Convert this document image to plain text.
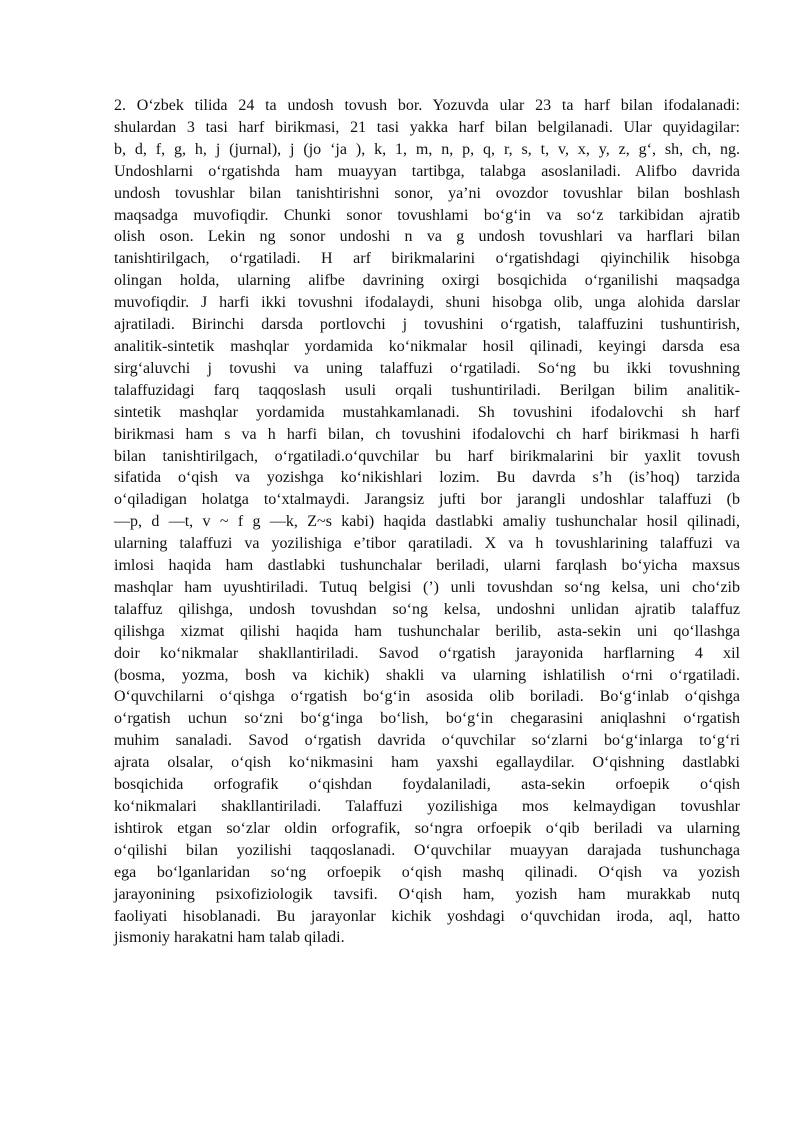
2. O‘zbek tilida 24 ta undosh tovush bor. Yozuvda ular 23 ta harf bilan ifodalanadi:
shulardan 3 tasi harf birikmasi, 21 tasi yakka harf bilan belgilanadi. Ular quyidagilar:
b, d, f, g, h, j (jurnal), j (jo ‘ja ), k, 1, m, n, p, q, r, s, t, v, x, y, z, g‘, sh, ch, ng.
Undoshlarni o‘rgatishda ham muayyan tartibga, talabga asoslaniladi. Alifbo davrida
undosh tovushlar bilan tanishtirishni sonor, ya’ni ovozdor tovushlar bilan boshlash
maqsadga muvofiqdir. Chunki sonor tovushlami bo‘g‘in va so‘z tarkibidan ajratib
olish oson. Lekin ng sonor undoshi n va g undosh tovushlari va harflari bilan
tanishtirilgach, o‘rgatiladi. H arf birikmalarini o‘rgatishdagi qiyinchilik hisobga
olingan holda, ularning alifbe davrining oxirgi bosqichida o‘rganilishi maqsadga
muvofiqdir. J harfi ikki tovushni ifodalaydi, shuni hisobga olib, unga alohida darslar
ajratiladi. Birinchi darsda portlovchi j tovushini o‘rgatish, talaffuzini tushuntirish,
analitik-sintetik mashqlar yordamida ko‘nikmalar hosil qilinadi, keyingi darsda esa
sirg‘aluvchi j tovushi va uning talaffuzi o‘rgatiladi. So‘ng bu ikki tovushning
talaffuzidagi farq taqqoslash usuli orqali tushuntiriladi. Berilgan bilim analitik-
sintetik mashqlar yordamida mustahkamlanadi. Sh tovushini ifodalovchi sh harf
birikmasi ham s va h harfi bilan, ch tovushini ifodalovchi ch harf birikmasi h harfi
bilan tanishtirilgach, o‘rgatiladi.o‘quvchilar bu harf birikmalarini bir yaxlit tovush
sifatida o‘qish va yozishga ko‘nikishlari lozim. Bu davrda s’h (is’hoq) tarzida
o‘qiladigan holatga to‘xtalmaydi. Jarangsiz jufti bor jarangli undoshlar talaffuzi (b
—p, d —t, v ~ f g —k, Z~s kabi) haqida dastlabki amaliy tushunchalar hosil qilinadi,
ularning talaffuzi va yozilishiga e’tibor qaratiladi. X va h tovushlarining talaffuzi va
imlosi haqida ham dastlabki tushunchalar beriladi, ularni farqlash bo‘yicha maxsus
mashqlar ham uyushtiriladi. Tutuq belgisi (’) unli tovushdan so‘ng kelsa, uni cho‘zib
talaffuz qilishga, undosh tovushdan so‘ng kelsa, undoshni unlidan ajratib talaffuz
qilishga xizmat qilishi haqida ham tushunchalar berilib, asta-sekin uni qo‘llashga
doir ko‘nikmalar shakllantiriladi. Savod o‘rgatish jarayonida harflarning 4 xil
(bosma, yozma, bosh va kichik) shakli va ularning ishlatilish o‘rni o‘rgatiladi.
O‘quvchilarni o‘qishga o‘rgatish bo‘g‘in asosida olib boriladi. Bo‘g‘inlab o‘qishga
o‘rgatish uchun so‘zni bo‘g‘inga bo‘lish, bo‘g‘in chegarasini aniqlashni o‘rgatish
muhim sanaladi. Savod o‘rgatish davrida o‘quvchilar so‘zlarni bo‘g‘inlarga to‘g‘ri
ajrata olsalar, o‘qish ko‘nikmasini ham yaxshi egallaydilar. O‘qishning dastlabki
bosqichida orfografik o‘qishdan foydalaniladi, asta-sekin orfoepik o‘qish
ko‘nikmalari shakllantiriladi. Talaffuzi yozilishiga mos kelmaydigan tovushlar
ishtirok etgan so‘zlar oldin orfografik, so‘ngra orfoepik o‘qib beriladi va ularning
o‘qilishi bilan yozilishi taqqoslanadi. O‘quvchilar muayyan darajada tushunchaga
ega bo‘lganlaridan so‘ng orfoepik o‘qish mashq qilinadi. O‘qish va yozish
jarayonining psixofiziologik tavsifi. O‘qish ham, yozish ham murakkab nutq
faoliyati hisoblanadi. Bu jarayonlar kichik yoshdagi o‘quvchidan iroda, aql, hatto
jismoniy harakatni ham talab qiladi.
